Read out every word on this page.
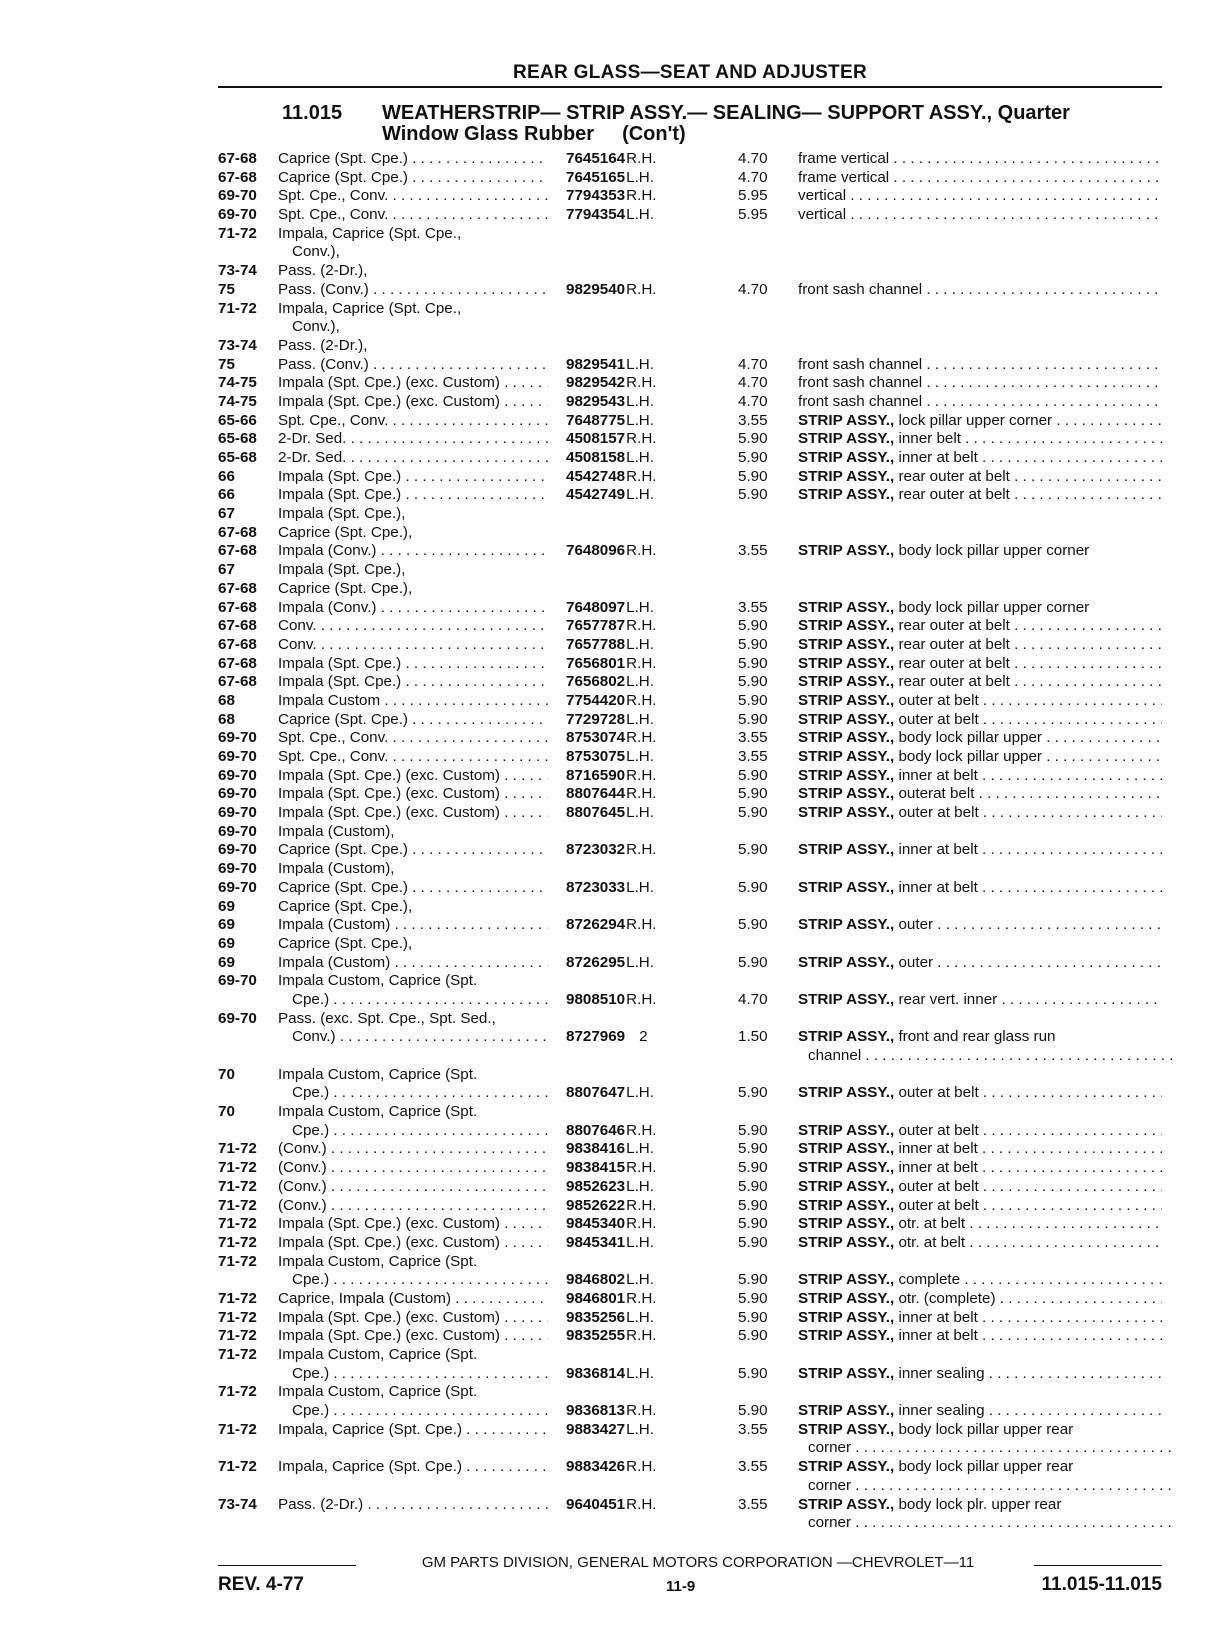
REAR GLASS—SEAT AND ADJUSTER
11.015 WEATHERSTRIP— STRIP ASSY.— SEALING— SUPPORT ASSY., Quarter
Window Glass Rubber (Con't)
67-68	Caprice (Spt. Cpe.) . . .	7645164R.H.	4.70	frame vertical . . .
67-68	Caprice (Spt. Cpe.) . . .	7645165L.H.	4.70	frame vertical . . .
69-70	Spt. Cpe., Conv. . . .	7794353R.H.	5.95	vertical . . .
69-70	Spt. Cpe., Conv. . . .	7794354L.H.	5.95	vertical . . .
71-72	Impala, Caprice (Spt. Cpe.,
Conv.),
73-74	Pass. (2-Dr.),
75	Pass. (Conv.) . . .	9829540R.H.	4.70	front sash channel . . .
71-72	Impala, Caprice (Spt. Cpe.,
Conv.),
73-74	Pass. (2-Dr.),
75	Pass. (Conv.) . . .	9829541L.H.	4.70	front sash channel . . .
74-75	Impala (Spt. Cpe.) (exc. Custom) . . .	9829542R.H.	4.70	front sash channel . . .
74-75	Impala (Spt. Cpe.) (exc. Custom) . . .	9829543L.H.	4.70	front sash channel . . .
65-66	Spt. Cpe., Conv. . . .	7648775L.H.	3.55	STRIP ASSY., lock pillar upper corner . . .
65-68	2-Dr. Sed. . . .	4508157R.H.	5.90	STRIP ASSY., inner belt . . .
65-68	2-Dr. Sed. . . .	4508158L.H.	5.90	STRIP ASSY., inner at belt . . .
66	Impala (Spt. Cpe.) . . .	4542748R.H.	5.90	STRIP ASSY., rear outer at belt . . .
66	Impala (Spt. Cpe.) . . .	4542749L.H.	5.90	STRIP ASSY., rear outer at belt . . .
67	Impala (Spt. Cpe.),
67-68	Caprice (Spt. Cpe.),
67-68	Impala (Conv.) . . .	7648096R.H.	3.55	STRIP ASSY., body lock pillar upper corner
67	Impala (Spt. Cpe.),
67-68	Caprice (Spt. Cpe.),
67-68	Impala (Conv.) . . .	7648097L.H.	3.55	STRIP ASSY., body lock pillar upper corner
67-68	Conv. . . .	7657787R.H.	5.90	STRIP ASSY., rear outer at belt . . .
67-68	Conv. . . .	7657788L.H.	5.90	STRIP ASSY., rear outer at belt . . .
67-68	Impala (Spt. Cpe.) . . .	7656801R.H.	5.90	STRIP ASSY., rear outer at belt . . .
67-68	Impala (Spt. Cpe.) . . .	7656802L.H.	5.90	STRIP ASSY., rear outer at belt . . .
68	Impala Custom . . .	7754420R.H.	5.90	STRIP ASSY., outer at belt . . .
68	Caprice (Spt. Cpe.) . . .	7729728L.H.	5.90	STRIP ASSY., outer at belt . . .
69-70	Spt. Cpe., Conv. . . .	8753074R.H.	3.55	STRIP ASSY., body lock pillar upper . . .
69-70	Spt. Cpe., Conv. . . .	8753075L.H.	3.55	STRIP ASSY., body lock pillar upper . . .
69-70	Impala (Spt. Cpe.) (exc. Custom) . . .	8716590R.H.	5.90	STRIP ASSY., inner at belt . . .
69-70	Impala (Spt. Cpe.) (exc. Custom) . . .	8807644R.H.	5.90	STRIP ASSY., outerat belt . . .
69-70	Impala (Spt. Cpe.) (exc. Custom) . . .	8807645L.H.	5.90	STRIP ASSY., outer at belt . . .
69-70	Impala (Custom),
69-70	Caprice (Spt. Cpe.) . . .	8723032R.H.	5.90	STRIP ASSY., inner at belt . . .
69-70	Impala (Custom),
69-70	Caprice (Spt. Cpe.) . . .	8723033L.H.	5.90	STRIP ASSY., inner at belt . . .
69	Caprice (Spt. Cpe.),
69	Impala (Custom) . . .	8726294R.H.	5.90	STRIP ASSY., outer . . .
69	Caprice (Spt. Cpe.),
69	Impala (Custom) . . .	8726295L.H.	5.90	STRIP ASSY., outer . . .
69-70	Impala Custom, Caprice (Spt.
Cpe.) . . .	9808510R.H.	4.70	STRIP ASSY., rear vert. inner . . .
69-70	Pass. (exc. Spt. Cpe., Spt. Sed.,
Conv.) . . .	8727969 2	1.50	STRIP ASSY., front and rear glass run
channel . . .
70	Impala Custom, Caprice (Spt.
Cpe.) . . .	8807647L.H.	5.90	STRIP ASSY., outer at belt . . .
70	Impala Custom, Caprice (Spt.
Cpe.) . . .	8807646R.H.	5.90	STRIP ASSY., outer at belt . . .
71-72	(Conv.) . . .	9838416L.H.	5.90	STRIP ASSY., inner at belt . . .
71-72	(Conv.) . . .	9838415R.H.	5.90	STRIP ASSY., inner at belt . . .
71-72	(Conv.) . . .	9852623L.H.	5.90	STRIP ASSY., outer at belt . . .
71-72	(Conv.) . . .	9852622R.H.	5.90	STRIP ASSY., outer at belt . . .
71-72	Impala (Spt. Cpe.) (exc. Custom) . . .	9845340R.H.	5.90	STRIP ASSY., otr. at belt . . .
71-72	Impala (Spt. Cpe.) (exc. Custom) . . .	9845341L.H.	5.90	STRIP ASSY., otr. at belt . . .
71-72	Impala Custom, Caprice (Spt.
Cpe.) . . .	9846802L.H.	5.90	STRIP ASSY., complete . . .
71-72	Caprice, Impala (Custom) . . .	9846801R.H.	5.90	STRIP ASSY., otr. (complete) . . .
71-72	Impala (Spt. Cpe.) (exc. Custom) . . .	9835256L.H.	5.90	STRIP ASSY., inner at belt . . .
71-72	Impala (Spt. Cpe.) (exc. Custom) . . .	9835255R.H.	5.90	STRIP ASSY., inner at belt . . .
71-72	Impala Custom, Caprice (Spt.
Cpe.) . . .	9836814L.H.	5.90	STRIP ASSY., inner sealing . . .
71-72	Impala Custom, Caprice (Spt.
Cpe.) . . .	9836813R.H.	5.90	STRIP ASSY., inner sealing . . .
71-72	Impala, Caprice (Spt. Cpe.) . . .	9883427L.H.	3.55	STRIP ASSY., body lock pillar upper rear
corner . . .
71-72	Impala, Caprice (Spt. Cpe.) . . .	9883426R.H.	3.55	STRIP ASSY., body lock pillar upper rear
corner . . .
73-74	Pass. (2-Dr.) . . .	9640451R.H.	3.55	STRIP ASSY., body lock plr. upper rear
corner . . .
GM PARTS DIVISION, GENERAL MOTORS CORPORATION —CHEVROLET—11
REV. 4-77	11-9	11.015-11.015
